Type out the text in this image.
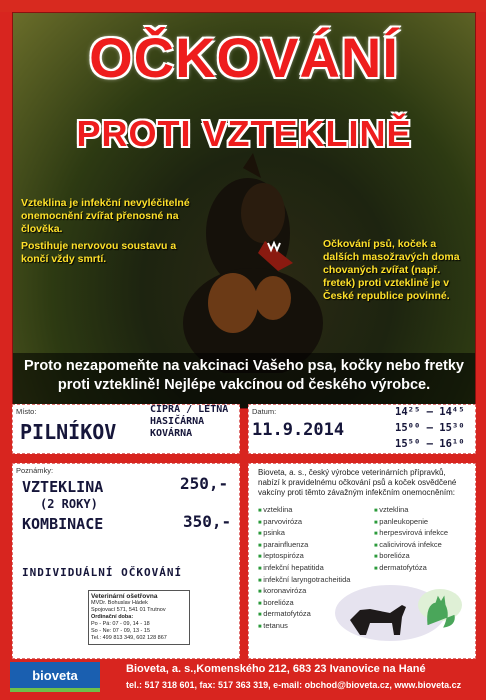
OČKOVÁNÍ
PROTI VZTEKLINĚ
Vzteklina je infekční nevyléčitelné onemocnění zvířat přenosné na člověka.
Postihuje nervovou soustavu a končí vždy smrtí.
Očkování psů, koček a dalších masožravých doma chovaných zvířat (např. fretek) proti vzteklině je v České republice povinné.
Proto nezapomeňte na vakcinaci Vašeho psa, kočky nebo fretky proti vzteklině! Nejlépe vakcínou od českého výrobce.
Místo:
PILNÍKOV
CIPRA / LETNÁ
HASIČÁRNA
KOVÁRNA
Datum:
11.9.2014
14²⁵ – 14⁴⁵
15⁰⁰ – 15³⁰
15⁵⁰ – 16¹⁰
Poznámky:
VZTEKLINA	250,-
(2 ROKY)
KOMBINACE	350,-
INDIVIDUÁLNÍ OČKOVÁNÍ
Veterinární ošetřovna
MVDr. Bohuslav Hádek
Spojovací 571, 541 01 Trutnov
Ordinační doba:
Po - Pá: 07 - 09, 14 - 18
So - Ne: 07 - 09, 13 - 15
Tel.: 499 813 349, 602 128 867
Bioveta, a. s., český výrobce veterinárních přípravků, nabízí k pravidelnému očkování psů a koček osvědčené vakcíny proti těmto závažným infekčním onemocněním:
■ vzteklina
■ parvoviróza
■ psinka
■ parainfluenza
■ leptospiróza
■ infekční hepatitida
■ infekční laryngotracheitida
■ koronaviróza
■ borelióza
■ dermatofytóza
■ tetanus
■ vzteklina
■ panleukopenie
■ herpesvirová infekce
■ calicivirová infekce
■ borelióza
■ dermatofytóza
bioveta	Bioveta, a. s.,Komenského 212, 683 23 Ivanovice na Hané
tel.: 517 318 601, fax: 517 363 319, e-mail: obchod@bioveta.cz, www.bioveta.cz
